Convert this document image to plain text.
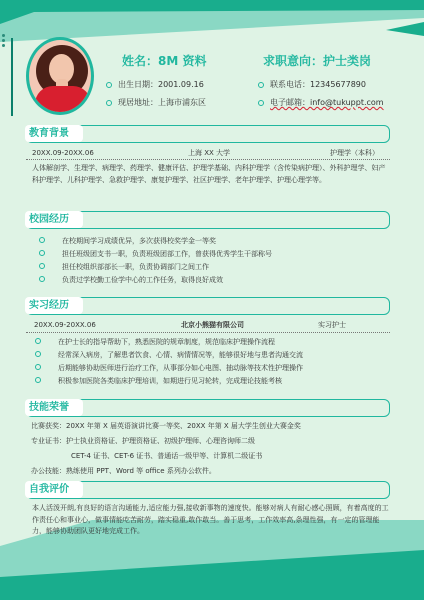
姓名：8M 资料	求职意向：护士类岗
出生日期：2001.09.16
现居地址：上海市浦东区
联系电话：12345677890
电子邮箱：info@tukuppt.com
教育背景
20XX.09-20XX.06	上海 XX 大学	护理学（本科）
人体解剖学、生理学、病理学、药理学、健康评估、护理学基础、内科护理学（含传染病护理）、外科护理学、妇产科护理学、儿科护理学、急救护理学、康复护理学、社区护理学、老年护理学、护理心理学等。
校园经历
在校期间学习成绩优异，多次获得校奖学金一等奖
担任班级团支书一职，负责班级团部工作，曾获得优秀学生干部称号
担任校组织部部长一职，负责协调部门之间工作
负责过学校勤工俭学中心的工作任务，取得良好成效
实习经历
20XX.09-20XX.06	北京小熊猫有限公司	实习护士
在护士长的指导帮助下，熟悉医院的规章制度，规范临床护理操作流程
经常深入病房，了解患者饮食、心情、病情情况等，能够很好地与患者沟通交流
后期能够协助医师进行治疗工作，从事部分如心电图、抽动脉等技术性护理操作
积极参加医院各类临床护理培训，如期进行见习轮转，完成理论技能考核
技能荣誉
比赛获奖：20XX 年第 X 届英语演讲比赛一等奖、20XX 年第 X 届大学生创业大赛金奖
专业证书：护士执业资格证、护理资格证、初级护理师、心理咨询师二级
CET-4 证书、CET-6 证书、普通话一级甲等、计算机二级证书
办公技能：熟练使用 PPT、Word 等 office 系列办公软件。
自我评价
本人活泼开朗,有良好的语言沟通能力,适应能力强,接收新事物的速度快。能够对病人有耐心感心照顾，有着高度的工作责任心和事业心，做事情能吃苦耐劳，踏实稳重,敢作敢当。善于思考，工作效率高,条理性强，有一定的管理能力，能够协助团队更好地完成工作。
